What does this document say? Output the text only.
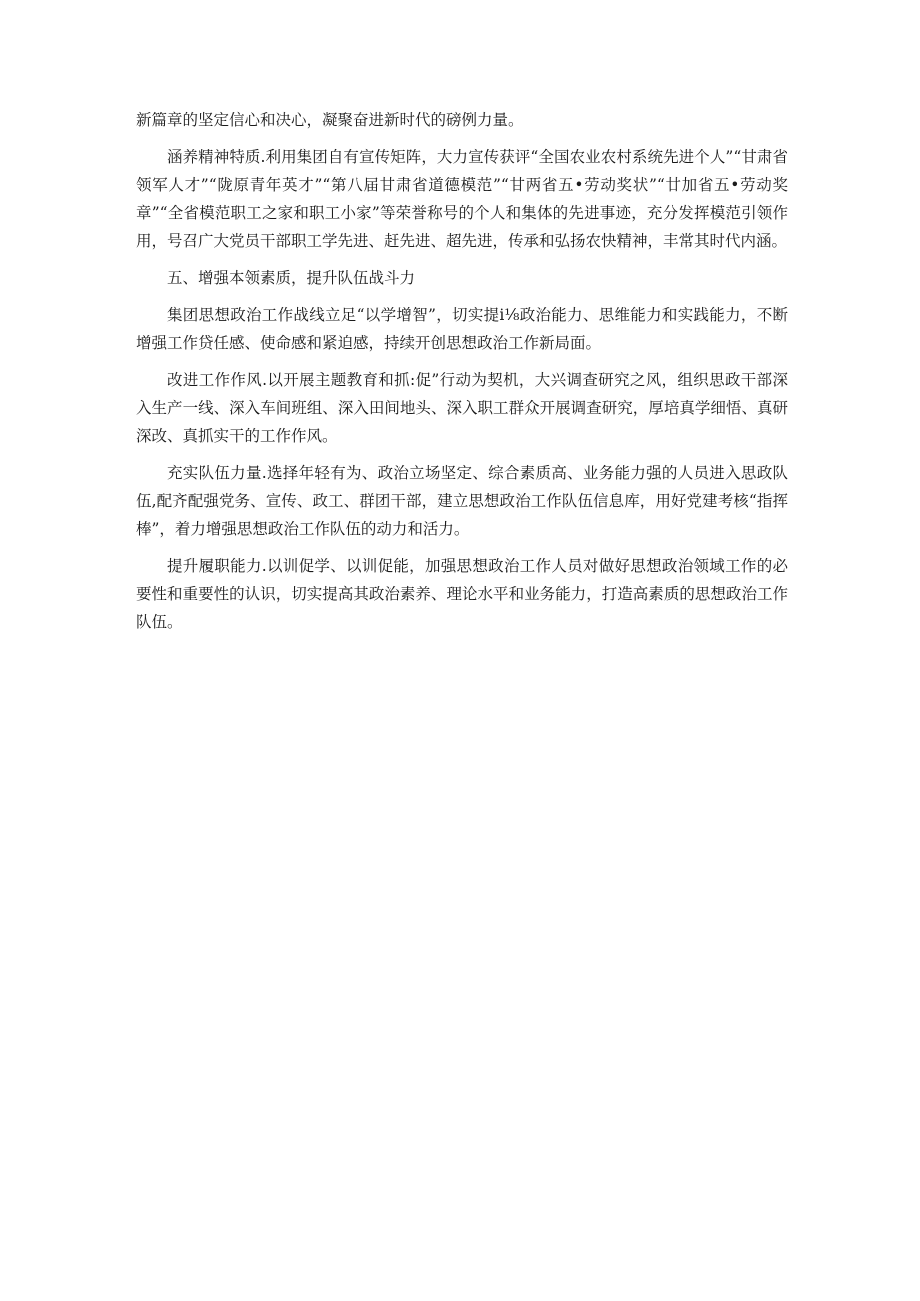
新篇章的坚定信心和决心，凝聚奋进新时代的磅例力量。

涵养精神特质.利用集团自有宣传矩阵，大力宣传获评“全国农业农村系统先进个人”“甘肃省领军人才”“陇原青年英才”“第八届甘肃省道德模范”“甘两省五•劳动奖状”“廿加省五•劳动奖章”“全省模范职工之家和职工小家”等荣誉称号的个人和集体的先进事迹，充分发挥模范引领作用，号召广大党员干部职工学先进、赶先进、超先进，传承和弘扬农快精神，丰常其时代内涵。

五、增强本领素质，提升队伍战斗力

集团思想政治工作战线立足“以学增智”，切实提i⅛政治能力、思维能力和实践能力，不断增强工作贷任感、使命感和紧迫感，持续开创思想政治工作新局面。

改进工作作风.以开展主题教育和抓:促”行动为契机，大兴调查研究之风，组织思政干部深入生产一线、深入车间班组、深入田间地头、深入职工群众开展调查研究，厚培真学细悟、真研深改、真抓实干的工作作风。

充实队伍力量.选择年轻有为、政治立场坚定、综合素质高、业务能力强的人员进入思政队伍,配齐配强党务、宣传、政工、群团干部，建立思想政治工作队伍信息库，用好党建考核“指挥棒”，着力增强思想政治工作队伍的动力和活力。

提升履职能力.以训促学、以训促能，加强思想政治工作人员对做好思想政治领域工作的必要性和重要性的认识，切实提高其政治素养、理论水平和业务能力，打造高素质的思想政治工作队伍。
